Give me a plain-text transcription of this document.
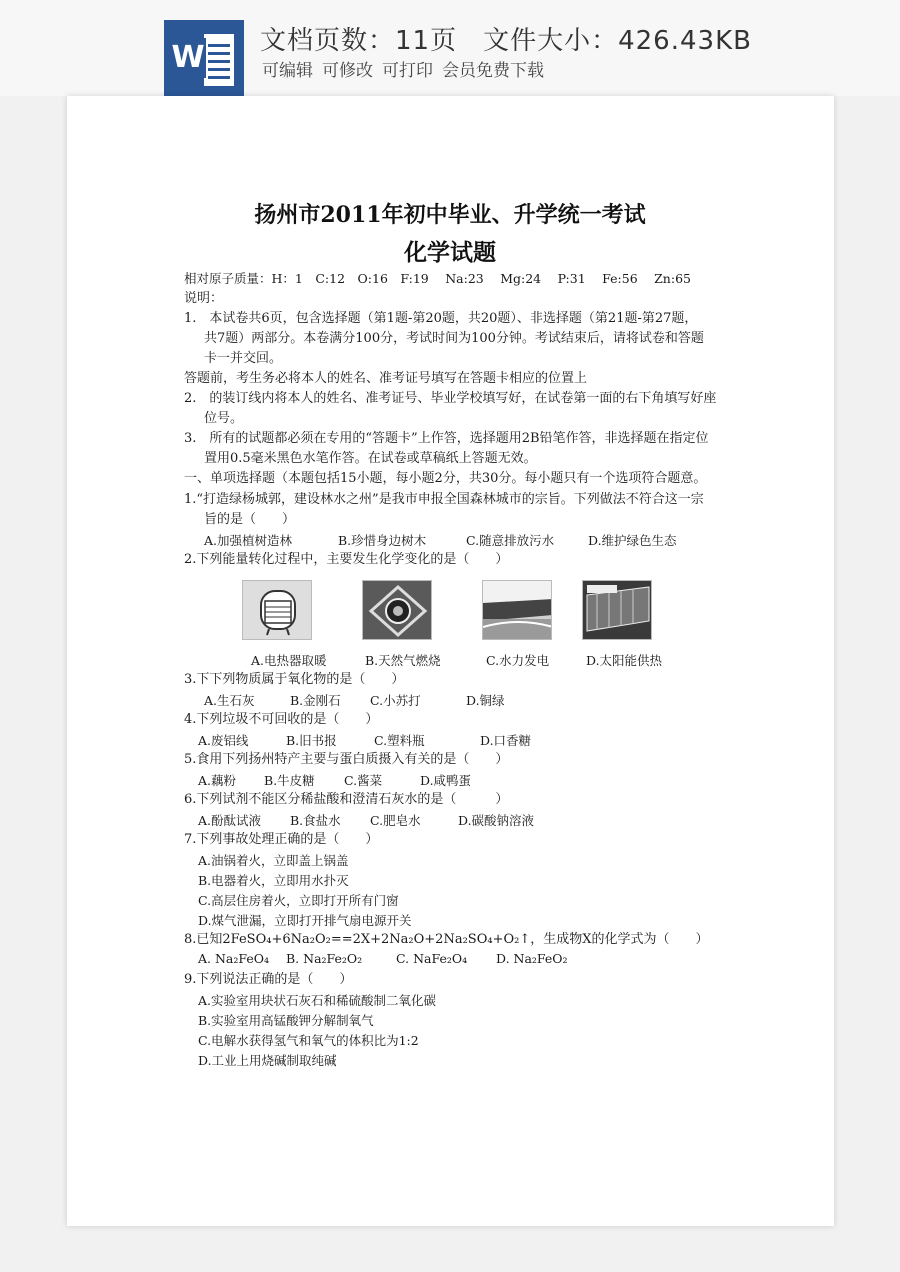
W 文档页数：11页 文件大小：426.43KB
可编辑 可修改 可打印 会员免费下载
扬州市2011年初中毕业、升学统一考试
化学试题
相对原子质量：H：1　C:12　O:16　F:19　 Na:23　 Mg:24　 P:31　 Fe:56　 Zn:65
说明：
1.　本试卷共6页，包含选择题（第1题-第20题，共20题）、非选择题（第21题-第27题，
共7题）两部分。本卷满分100分，考试时间为100分钟。考试结束后，请将试卷和答题
卡一并交回。
答题前，考生务必将本人的姓名、准考证号填写在答题卡相应的位置上
2.　的装订线内将本人的姓名、准考证号、毕业学校填写好，在试卷第一面的右下角填写好座
位号。
3.　所有的试题都必须在专用的“答题卡”上作答，选择题用2B铅笔作答，非选择题在指定位
置用0.5毫米黑色水笔作答。在试卷或草稿纸上答题无效。
一、单项选择题（本题包括15小题，每小题2分，共30分。每小题只有一个选项符合题意。
1.“打造绿杨城郭，建设林水之州”是我市申报全国森林城市的宗旨。下列做法不符合这一宗
旨的是（　　）
A.加强植树造林	B.珍惜身边树木	C.随意排放污水	D.维护绿色生态
2.下列能量转化过程中，主要发生化学变化的是（　　）
A.电热器取暖	B.天然气燃烧	C.水力发电	D.太阳能供热
3.下下列物质属于氧化物的是（　　）
A.生石灰	B.金刚石 C.小苏打	D.铜绿
4.下列垃圾不可回收的是（　　）
A.废铝线	B.旧书报	C.塑料瓶	D.口香糖
5.食用下列扬州特产主要与蛋白质摄入有关的是（　　）
A.藕粉 B.牛皮糖 C.酱菜	D.咸鸭蛋
6.下列试剂不能区分稀盐酸和澄清石灰水的是（　　　）
A.酚酞试液 B.食盐水 C.肥皂水	D.碳酸钠溶液
7.下列事故处理正确的是（　　）
A.油锅着火，立即盖上锅盖
B.电器着火，立即用水扑灭
C.高层住房着火，立即打开所有门窗
D.煤气泄漏，立即打开排气扇电源开关
8.已知2FeSO₄+6Na₂O₂==2X+2Na₂O+2Na₂SO₄+O₂↑，生成物X的化学式为（　　）
A. Na₂FeO₄ B. Na₂Fe₂O₂	C. NaFe₂O₄ D. Na₂FeO₂
9.下列说法正确的是（　　）
A.实验室用块状石灰石和稀硫酸制二氧化碳
B.实验室用高锰酸钾分解制氧气
C.电解水获得氢气和氧气的体积比为1:2
D.工业上用烧碱制取纯碱
